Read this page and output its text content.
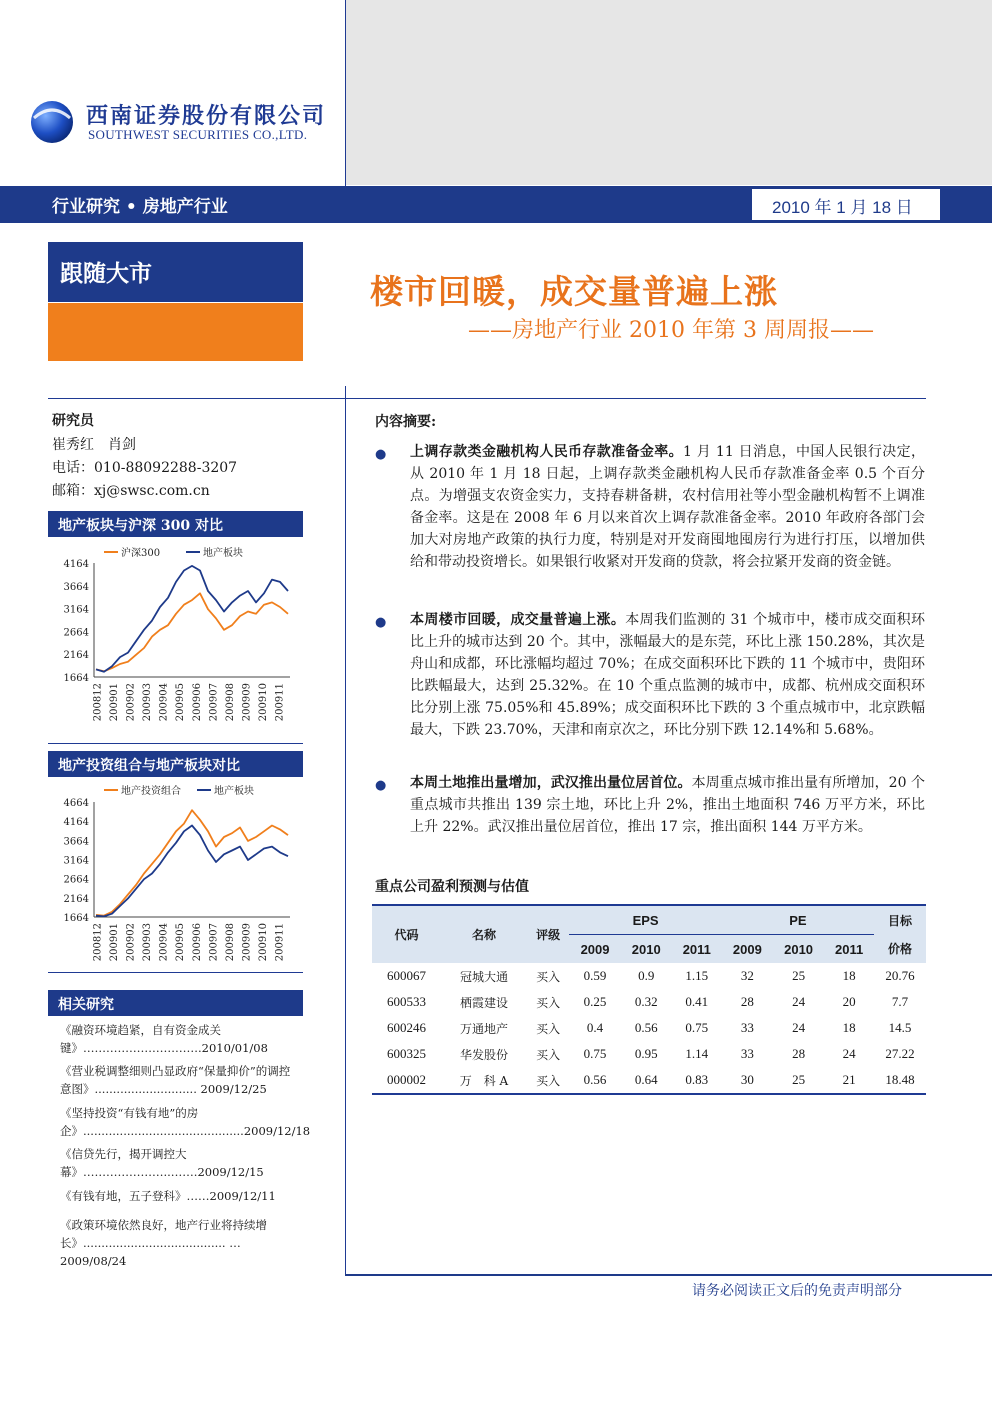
西南证券股份有限公司
SOUTHWEST SECURITIES CO.,LTD.
行业研究 • 房地产行业	2010 年 1 月 18 日
跟随大市	楼市回暖，成交量普遍上涨
——房地产行业 2010 年第 3 周周报——
研究员
崔秀红　肖剑
电话：010-88092288-3207
邮箱：xj@swsc.com.cn
地产板块与沪深 300 对比
4164
3664
3164
2664
2164
1664
200812 200901 200902 200903 200904 200905 200906 200907 200908 200909 200910 200911
沪深300	地产板块
地产投资组合与地产板块对比
4664
4164
3664
3164
2664
2164
1664
200812 200901 200902 200903 200904 200905 200906 200907 200908 200909 200910 200911
地产投资组合	地产板块
相关研究
《融资环境趋紧，自有资金成关键》………………………….2010/01/08
《营业税调整细则凸显政府“保量抑价”的调控意图》............................ 2009/12/25
《坚持投资“有钱有地”的房企》............................................2009/12/18
《信贷先行，揭开调控大幕》…………………..…….2009/12/15
《有钱有地，五子登科》……2009/12/11
《政策环境依然良好，地产行业将持续增长》....................................... …2009/08/24
内容摘要:
● 上调存款类金融机构人民币存款准备金率。1 月 11 日消息，中国人民银行决定，从 2010 年 1 月 18 日起，上调存款类金融机构人民币存款准备金率 0.5 个百分点。为增强支农资金实力，支持春耕备耕，农村信用社等小型金融机构暂不上调准备金率。这是在 2008 年 6 月以来首次上调存款准备金率。2010 年政府各部门会加大对房地产政策的执行力度，特别是对开发商囤地囤房行为进行打压，以增加供给和带动投资增长。如果银行收紧对开发商的贷款，将会拉紧开发商的资金链。
● 本周楼市回暖，成交量普遍上涨。本周我们监测的 31 个城市中，楼市成交面积环比上升的城市达到 20 个。其中，涨幅最大的是东莞，环比上涨 150.28%，其次是舟山和成都，环比涨幅均超过 70%；在成交面积环比下跌的 11 个城市中，贵阳环比跌幅最大，达到 25.32%。在 10 个重点监测的城市中，成都、杭州成交面积环比分别上涨 75.05%和 45.89%；成交面积环比下跌的 3 个重点城市中，北京跌幅最大，下跌 23.70%，天津和南京次之，环比分别下跌 12.14%和 5.68%。
● 本周土地推出量增加，武汉推出量位居首位。本周重点城市推出量有所增加，20 个重点城市共推出 139 宗土地，环比上升 2%，推出土地面积 746 万平方米，环比上升 22%。武汉推出量位居首位，推出 17 宗，推出面积 144 万平方米。
重点公司盈利预测与估值
代码	名称	评级	EPS			PE			目标
			2009	2010	2011	2009	2010	2011	价格
600067	冠城大通	买入	0.59	0.9	1.15	32	25	18	20.76
600533	栖霞建设	买入	0.25	0.32	0.41	28	24	20	7.7
600246	万通地产	买入	0.4	0.56	0.75	33	24	18	14.5
600325	华发股份	买入	0.75	0.95	1.14	33	28	24	27.22
000002	万　科 A	买入	0.56	0.64	0.83	30	25	21	18.48
请务必阅读正文后的免责声明部分
